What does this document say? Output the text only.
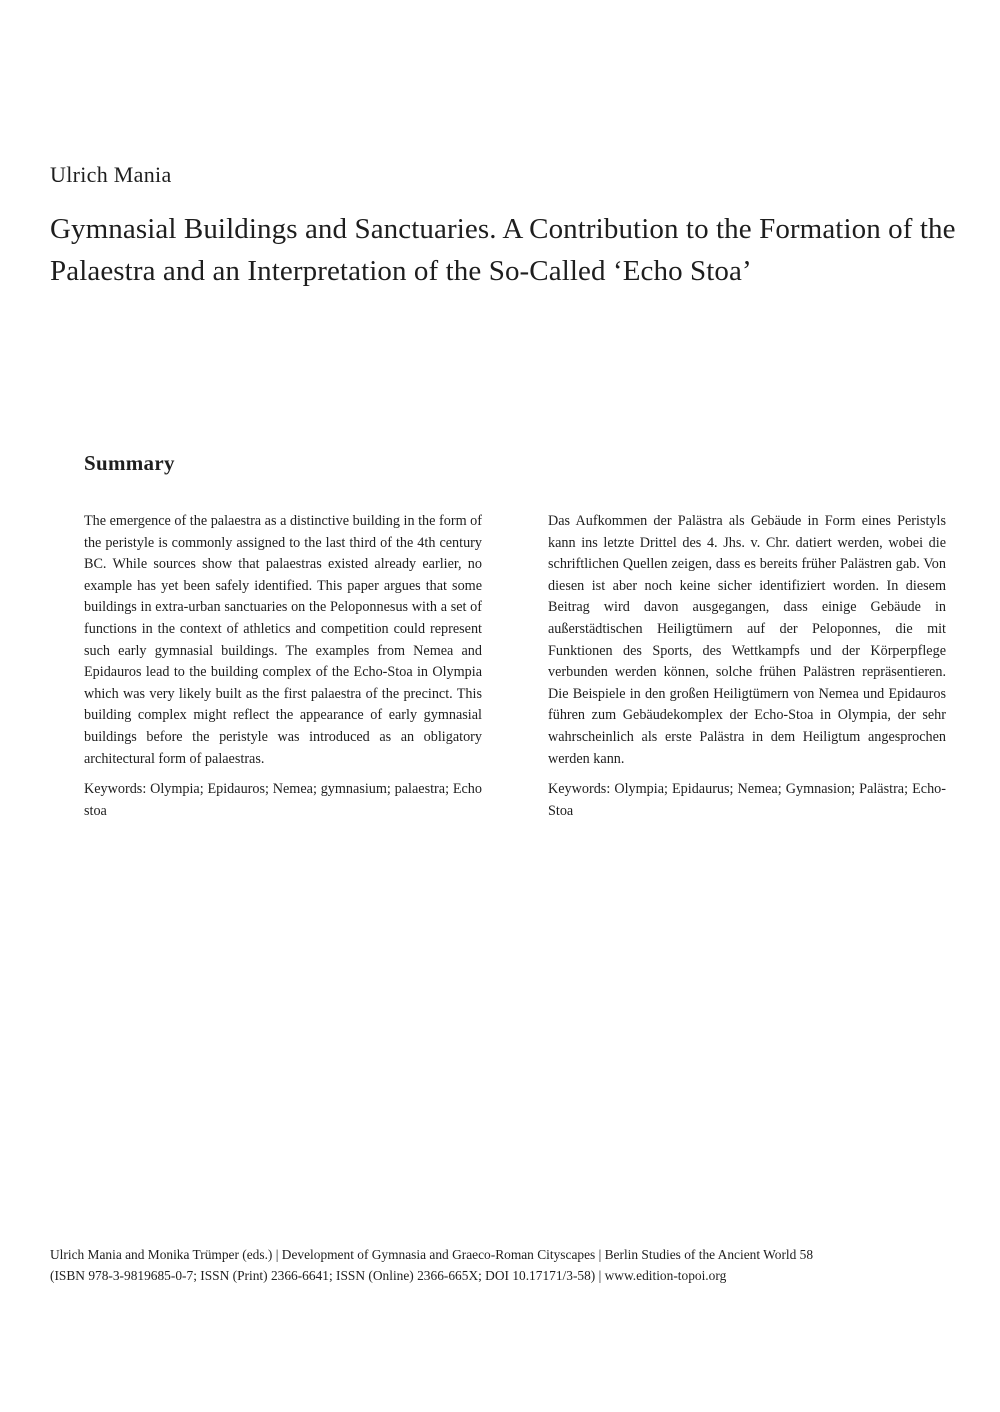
Ulrich Mania
Gymnasial Buildings and Sanctuaries. A Contribution to the Formation of the Palaestra and an Interpretation of the So-Called ‘Echo Stoa’
Summary

The emergence of the palaestra as a distinctive building in the form of the peristyle is commonly assigned to the last third of the 4th century BC. While sources show that palaestras existed already earlier, no example has yet been safely identified. This paper argues that some buildings in extra-urban sanctuaries on the Peloponnesus with a set of functions in the context of athletics and competition could represent such early gymnasial buildings. The examples from Nemea and Epidauros lead to the building complex of the Echo-Stoa in Olympia which was very likely built as the first palaestra of the precinct. This building complex might reflect the appearance of early gymnasial buildings before the peristyle was introduced as an obligatory architectural form of palaestras.

Keywords: Olympia; Epidauros; Nemea; gymnasium; palaestra; Echo stoa

Das Aufkommen der Palästra als Gebäude in Form eines Peristyls kann ins letzte Drittel des 4. Jhs. v. Chr. datiert werden, wobei die schriftlichen Quellen zeigen, dass es bereits früher Palästren gab. Von diesen ist aber noch keine sicher identifiziert worden. In diesem Beitrag wird davon ausgegangen, dass einige Gebäude in außerstädtischen Heiligtümern auf der Peloponnes, die mit Funktionen des Sports, des Wettkampfs und der Körperpflege verbunden werden können, solche frühen Palästren repräsentieren. Die Beispiele in den großen Heiligtümern von Nemea und Epidauros führen zum Gebäudekomplex der Echo-Stoa in Olympia, der sehr wahrscheinlich als erste Palästra in dem Heiligtum angesprochen werden kann.

Keywords: Olympia; Epidaurus; Nemea; Gymnasion; Palästra; Echo-Stoa

Ulrich Mania and Monika Trümper (eds.) | Development of Gymnasia and Graeco-Roman Cityscapes | Berlin Studies of the Ancient World 58
(ISBN 978-3-9819685-0-7; ISSN (Print) 2366-6641; ISSN (Online) 2366-665X; DOI 10.17171/3-58) | www.edition-topoi.org
